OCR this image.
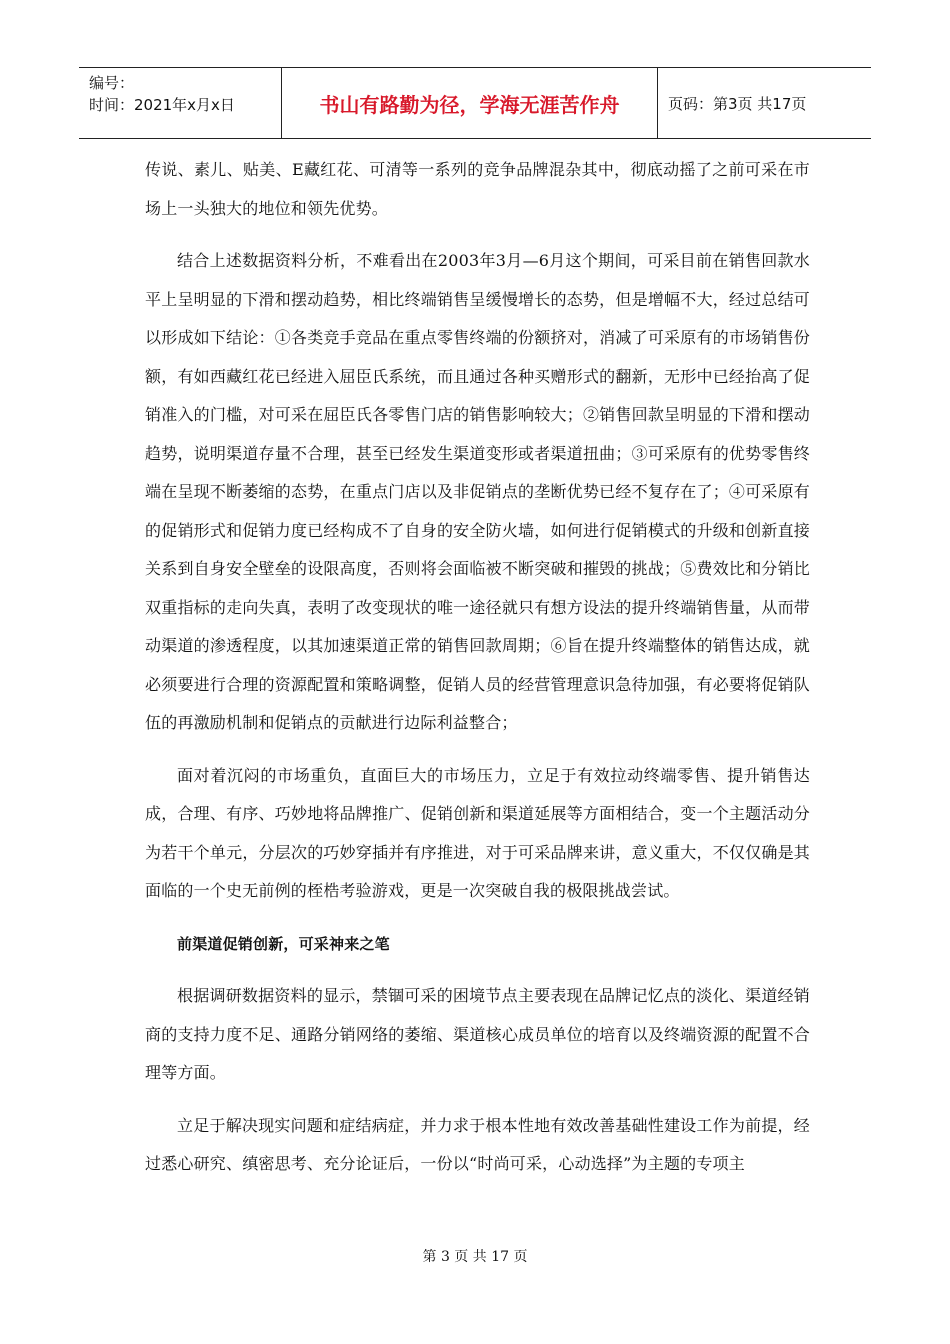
编号：
时间：2021年x月x日	书山有路勤为径，学海无涯苦作舟	页码：第3页 共17页

传说、素儿、贴美、E藏红花、可清等一系列的竞争品牌混杂其中，彻底动摇了之前可采在市场上一头独大的地位和领先优势。

结合上述数据资料分析，不难看出在2003年3月—6月这个期间，可采目前在销售回款水平上呈明显的下滑和摆动趋势，相比终端销售呈缓慢增长的态势，但是增幅不大，经过总结可以形成如下结论：①各类竞手竞品在重点零售终端的份额挤对，消减了可采原有的市场销售份额，有如西藏红花已经进入屈臣氏系统，而且通过各种买赠形式的翻新，无形中已经抬高了促销准入的门槛，对可采在屈臣氏各零售门店的销售影响较大；②销售回款呈明显的下滑和摆动趋势，说明渠道存量不合理，甚至已经发生渠道变形或者渠道扭曲；③可采原有的优势零售终端在呈现不断萎缩的态势，在重点门店以及非促销点的垄断优势已经不复存在了；④可采原有的促销形式和促销力度已经构成不了自身的安全防火墙，如何进行促销模式的升级和创新直接关系到自身安全壁垒的设限高度，否则将会面临被不断突破和摧毁的挑战；⑤费效比和分销比双重指标的走向失真，表明了改变现状的唯一途径就只有想方设法的提升终端销售量，从而带动渠道的渗透程度，以其加速渠道正常的销售回款周期；⑥旨在提升终端整体的销售达成，就必须要进行合理的资源配置和策略调整，促销人员的经营管理意识急待加强，有必要将促销队伍的再激励机制和促销点的贡献进行边际利益整合；

面对着沉闷的市场重负，直面巨大的市场压力，立足于有效拉动终端零售、提升销售达成，合理、有序、巧妙地将品牌推广、促销创新和渠道延展等方面相结合，变一个主题活动分为若干个单元，分层次的巧妙穿插并有序推进，对于可采品牌来讲，意义重大，不仅仅确是其面临的一个史无前例的桎梏考验游戏，更是一次突破自我的极限挑战尝试。

前渠道促销创新，可采神来之笔

根据调研数据资料的显示，禁锢可采的困境节点主要表现在品牌记忆点的淡化、渠道经销商的支持力度不足、通路分销网络的萎缩、渠道核心成员单位的培育以及终端资源的配置不合理等方面。

立足于解决现实问题和症结病症，并力求于根本性地有效改善基础性建设工作为前提，经过悉心研究、缜密思考、充分论证后，一份以“时尚可采，心动选择”为主题的专项主

第 3 页 共 17 页
